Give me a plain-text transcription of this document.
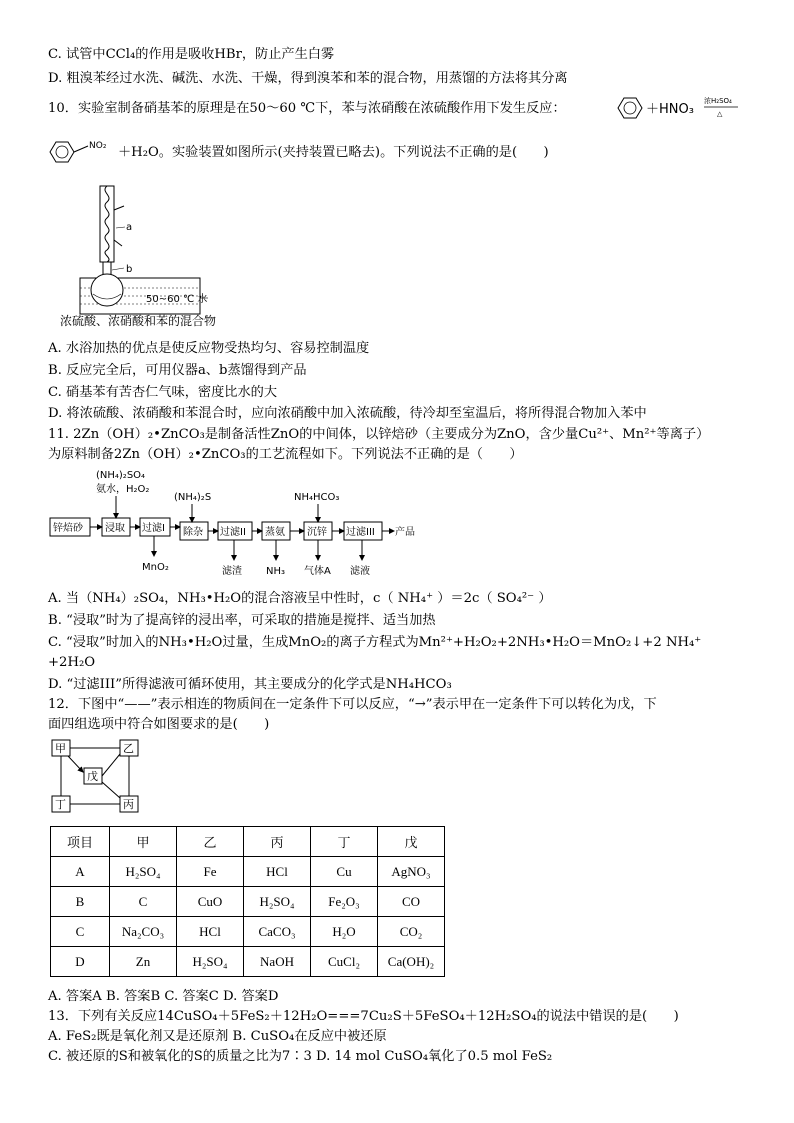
C. 试管中CCl₄的作用是吸收HBr，防止产生白雾
D. 粗溴苯经过水洗、碱洗、水洗、干燥，得到溴苯和苯的混合物，用蒸馏的方法将其分离
10．实验室制备硝基苯的原理是在50～60 ℃下，苯与浓硝酸在浓硫酸作用下发生反应：	＋HNO₃
浓H₂SO₄
△
NO₂ ＋H₂O。实验装置如图所示(夹持装置已略去)。下列说法不正确的是(　　)
a
b
50~60 ℃ 水
浓硫酸、浓硝酸和苯的混合物
A. 水浴加热的优点是使反应物受热均匀、容易控制温度
B. 反应完全后，可用仪器a、b蒸馏得到产品
C. 硝基苯有苦杏仁气味，密度比水的大
D. 将浓硫酸、浓硝酸和苯混合时，应向浓硝酸中加入浓硫酸，待冷却至室温后，将所得混合物加入苯中
11. 2Zn（OH）₂•ZnCO₃是制备活性ZnO的中间体，以锌焙砂（主要成分为ZnO，含少量Cu²⁺、Mn²⁺等离子）
为原料制备2Zn（OH）₂•ZnCO₃的工艺流程如下。下列说法不正确的是（　　）
(NH₄)₂SO₄
氨水，H₂O₂
(NH₄)₂S	NH₄HCO₃
锌焙砂 浸取 过滤I 除杂 过滤II 蒸氨 沉锌 过滤III 产品
MnO₂	滤渣 NH₃ 气体A 滤液
A. 当（NH₄）₂SO₄，NH₃•H₂O的混合溶液呈中性时，c（ NH₄⁺ ）＝2c（ SO₄²⁻ ）
B. “浸取”时为了提高锌的浸出率，可采取的措施是搅拌、适当加热
C. “浸取”时加入的NH₃•H₂O过量，生成MnO₂的离子方程式为Mn²⁺+H₂O₂+2NH₃•H₂O＝MnO₂↓+2 NH₄⁺
+2H₂O
D. “过滤III”所得滤液可循环使用，其主要成分的化学式是NH₄HCO₃
12．下图中“——”表示相连的物质间在一定条件下可以反应，“→”表示甲在一定条件下可以转化为戊，下
面四组选项中符合如图要求的是(　　)
甲	乙
戊
丁	丙
项目	甲	乙	丙	丁	戊
A	H₂SO₄	Fe	HCl	Cu	AgNO₃
B	C	CuO	H₂SO₄	Fe₂O₃	CO
C	Na₂CO₃	HCl	CaCO₃	H₂O	CO₂
D	Zn	H₂SO₄	NaOH	CuCl₂	Ca(OH)₂
A. 答案A B. 答案B C. 答案C D. 答案D
13．下列有关反应14CuSO₄＋5FeS₂＋12H₂O===7Cu₂S＋5FeSO₄＋12H₂SO₄的说法中错误的是(　　)
A. FeS₂既是氧化剂又是还原剂 B. CuSO₄在反应中被还原
C. 被还原的S和被氧化的S的质量之比为7∶3 D. 14 mol CuSO₄氧化了0.5 mol FeS₂
